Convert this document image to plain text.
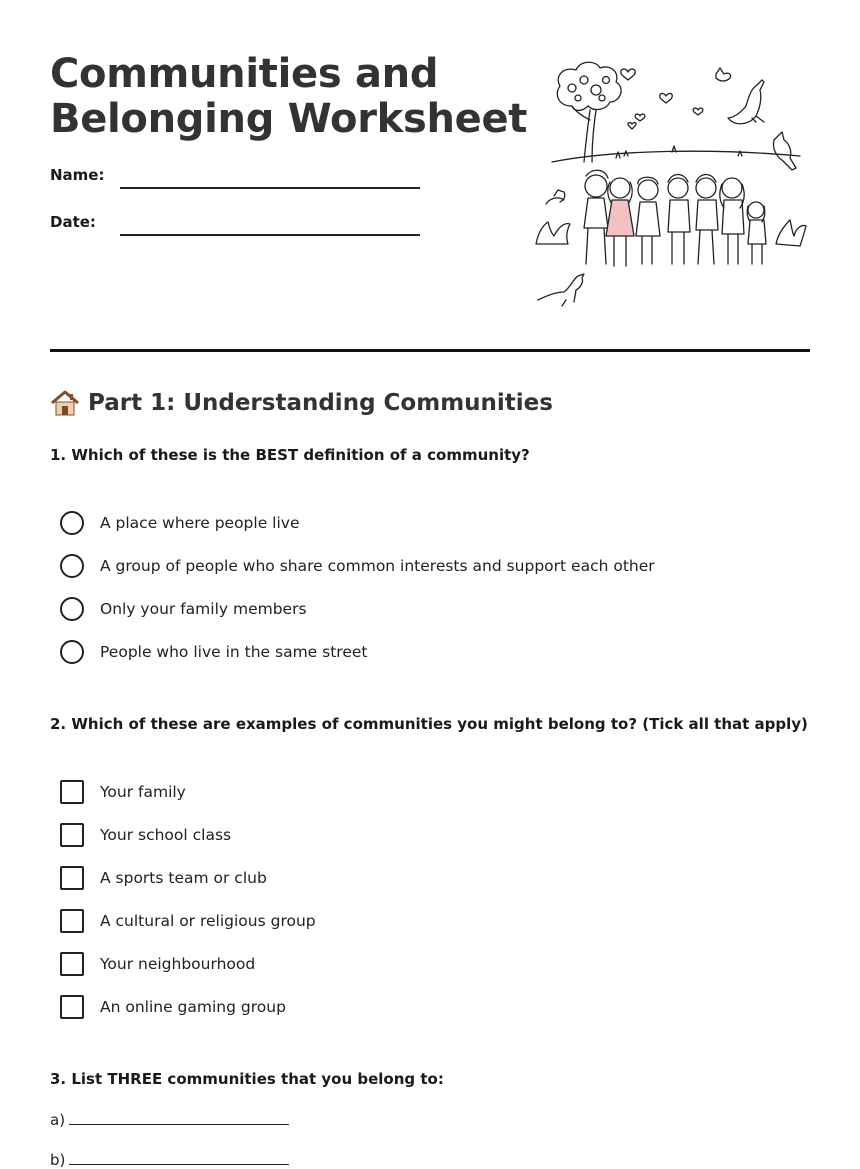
Communities and
Belonging Worksheet
Name:
Date:
Part 1: Understanding Communities

1. Which of these is the BEST definition of a community?

A place where people live
A group of people who share common interests and support each other
Only your family members
People who live in the same street

2. Which of these are examples of communities you might belong to? (Tick all that apply)

Your family
Your school class
A sports team or club
A cultural or religious group
Your neighbourhood
An online gaming group

3. List THREE communities that you belong to:

a)
b)
